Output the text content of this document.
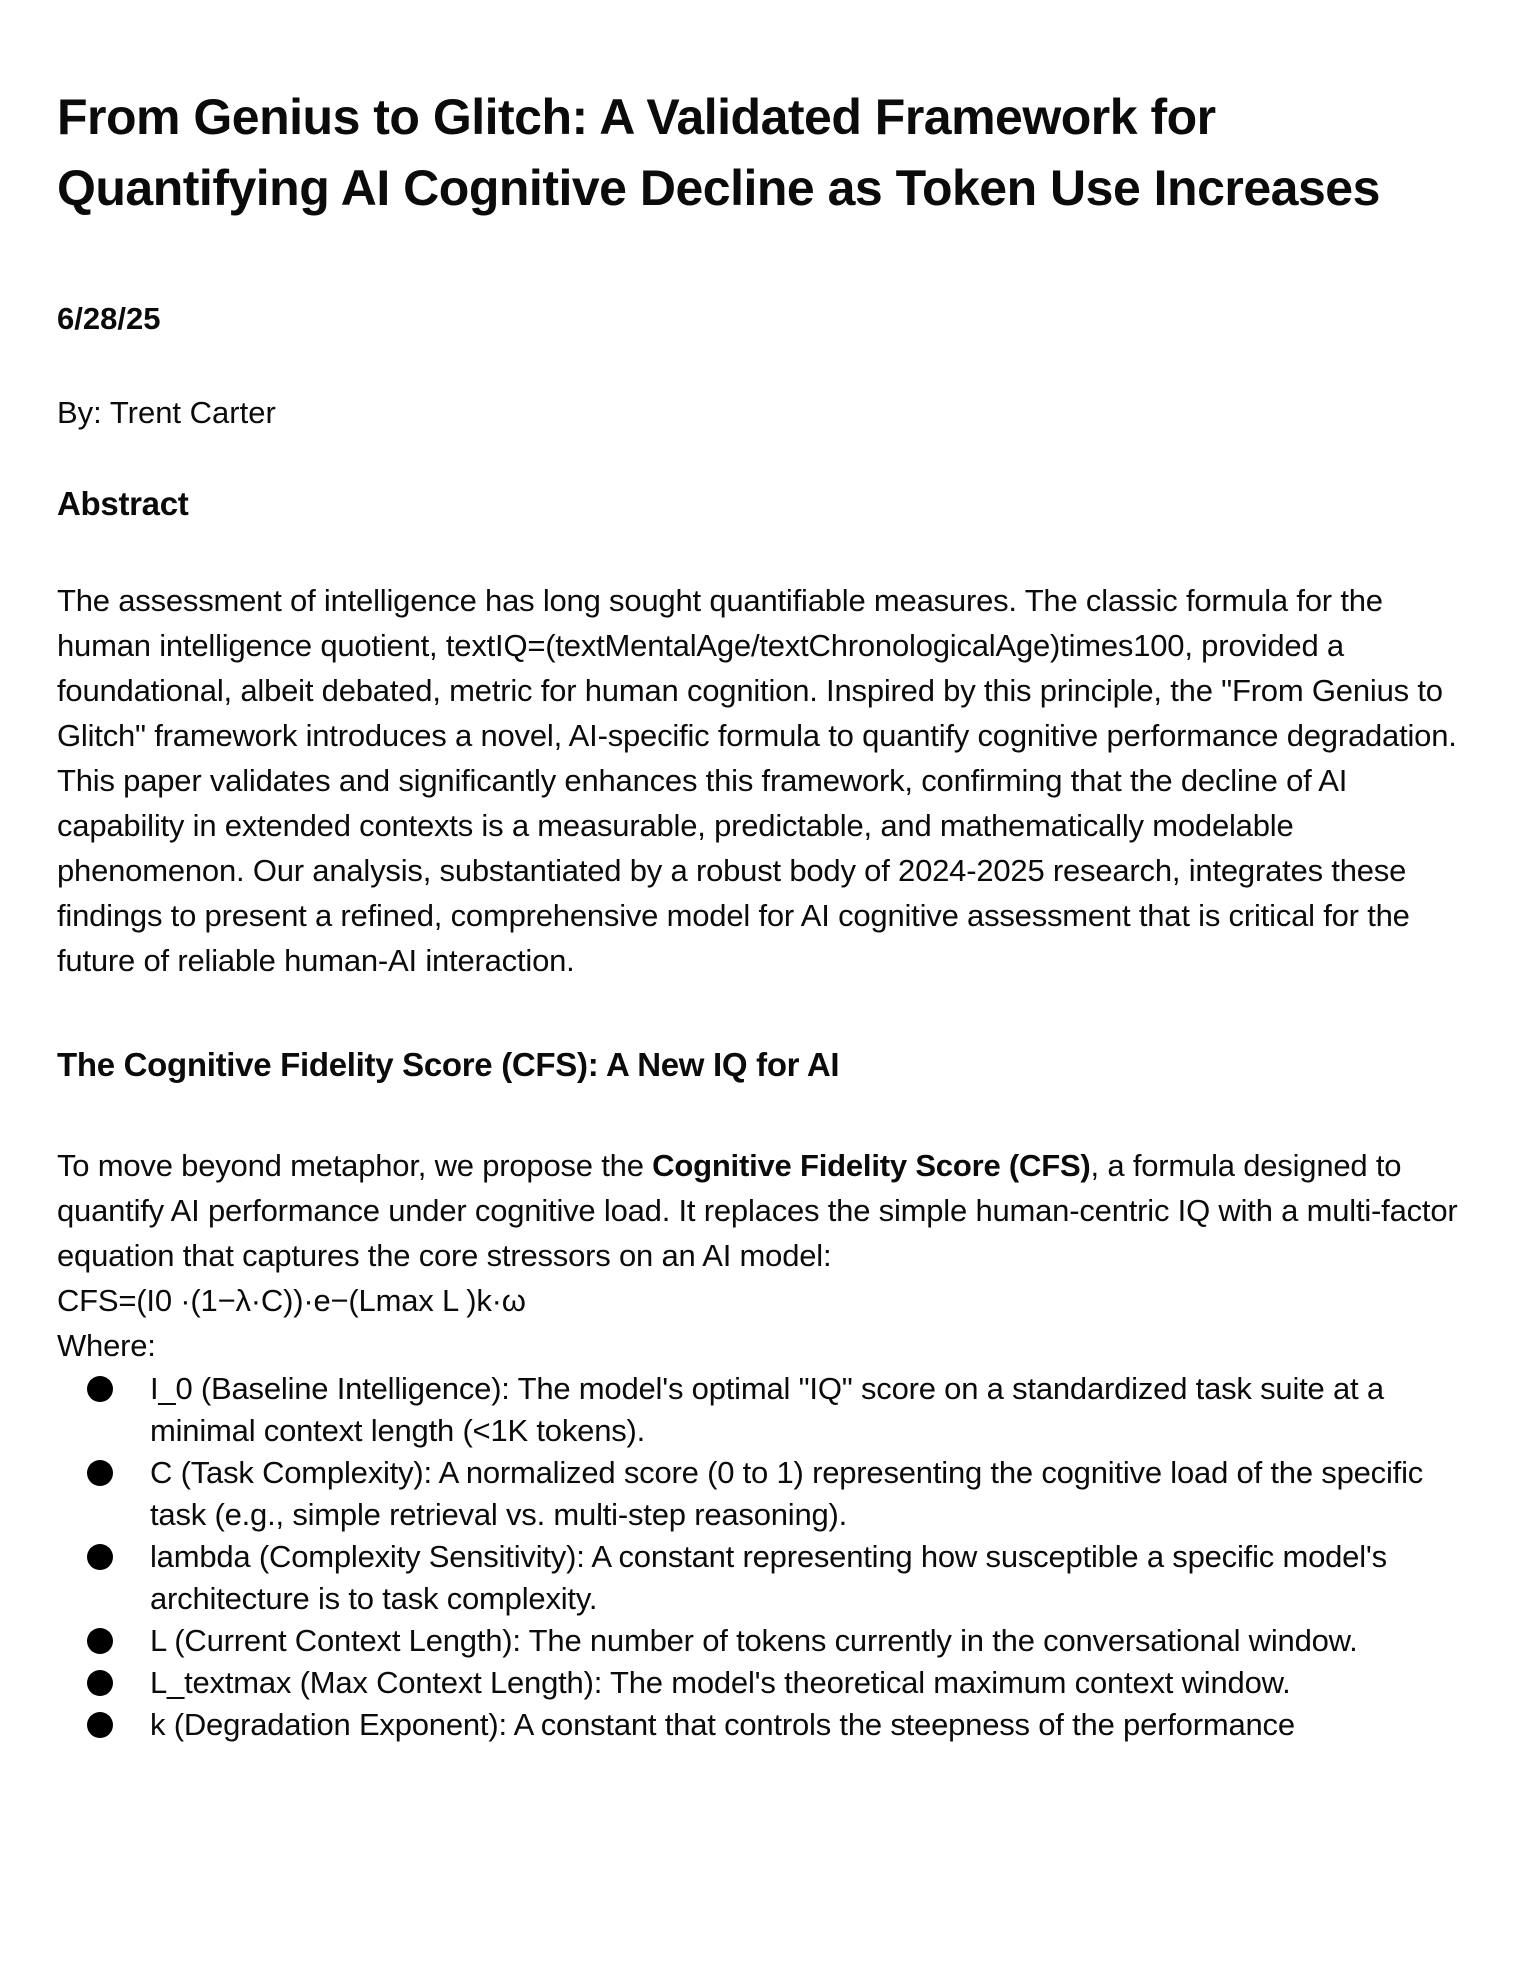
From Genius to Glitch: A Validated Framework for Quantifying AI Cognitive Decline as Token Use Increases

6/28/25

By: Trent Carter

Abstract

The assessment of intelligence has long sought quantifiable measures. The classic formula for the human intelligence quotient, textIQ=(textMentalAge/textChronologicalAge)times100, provided a foundational, albeit debated, metric for human cognition. Inspired by this principle, the "From Genius to Glitch" framework introduces a novel, AI-specific formula to quantify cognitive performance degradation. This paper validates and significantly enhances this framework, confirming that the decline of AI capability in extended contexts is a measurable, predictable, and mathematically modelable phenomenon. Our analysis, substantiated by a robust body of 2024-2025 research, integrates these findings to present a refined, comprehensive model for AI cognitive assessment that is critical for the future of reliable human-AI interaction.

The Cognitive Fidelity Score (CFS): A New IQ for AI

To move beyond metaphor, we propose the Cognitive Fidelity Score (CFS), a formula designed to quantify AI performance under cognitive load. It replaces the simple human-centric IQ with a multi-factor equation that captures the core stressors on an AI model:

CFS=(I0 ·(1−λ·C))·e−(Lmax L )k·ω
Where:
I_0 (Baseline Intelligence): The model's optimal "IQ" score on a standardized task suite at a minimal context length (<1K tokens).
C (Task Complexity): A normalized score (0 to 1) representing the cognitive load of the specific task (e.g., simple retrieval vs. multi-step reasoning).
lambda (Complexity Sensitivity): A constant representing how susceptible a specific model's architecture is to task complexity.
L (Current Context Length): The number of tokens currently in the conversational window.
L_textmax (Max Context Length): The model's theoretical maximum context window.
k (Degradation Exponent): A constant that controls the steepness of the performance
